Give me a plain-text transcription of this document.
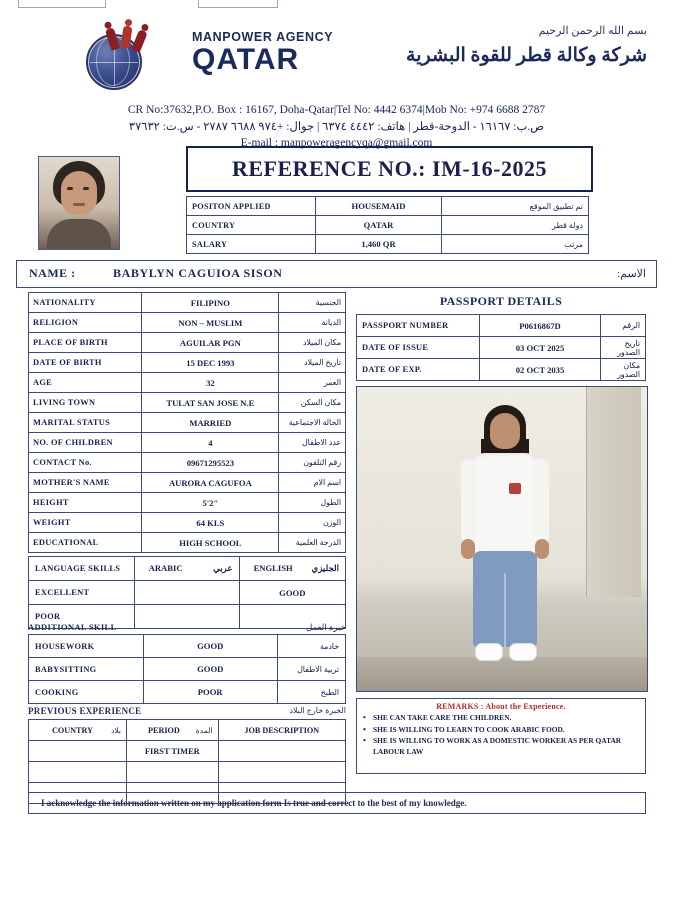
MANPOWER AGENCY
QATAR
بسم الله الرحمن الرحيم
شركة وكالة قطر للقوة البشرية
CR No:37632,P.O. Box : 16167, Doha-Qatar|Tel No: 4442 6374|Mob No: +974 6688 2787
ص.ب: ١٦١٦٧ - الدوحة-قطر | هاتف: ٤٤٤٢ ٦٣٧٤ | جوال: +٩٧٤ ٦٦٨٨ ٢٧٨٧ - س.ت: ٣٧٦٣٢
E-mail : manpoweragencyqa@gmail.com
REFERENCE NO.: IM-16-2025
POSITON APPLIED	HOUSEMAID	تم تطبيق الموقع
COUNTRY	QATAR	دولة قطر
SALARY	1,460 QR	مرتب
NAME :	BABYLYN CAGUIOA SISON	الاسم:
NATIONALITY	FILIPINO	الجنسية
RELIGION	NON – MUSLIM	الديانة
PLACE OF BIRTH	AGUILAR PGN	مكان الميلاد
DATE OF BIRTH	15 DEC 1993	تاريخ الميلاد
AGE	32	العمر
LIVING TOWN	TULAT SAN JOSE N.E	مكان السكن
MARITAL STATUS	MARRIED	الحالة الاجتماعية
NO. OF CHILDREN	4	عدد الاطفال
CONTACT No.	09671295523	رقم التلفون
MOTHER'S NAME	AURORA CAGUFOA	اسم الام
HEIGHT	5'2"	الطول
WEIGHT	64 KLS	الوزن
EDUCATIONAL	HIGH SCHOOL	الدرجة العلمية
PASSPORT DETAILS
PASSPORT NUMBER	P0616867D	الرقم
DATE OF ISSUE	03 OCT 2025	تاريخ الصدور
DATE OF EXP.	02 OCT 2035	مكان الصدور
LANGUAGE SKILLS	ARABIC عربي	ENGLISH الجليزي

EXCELLENT		GOOD
POOR		
ADDITIONAL SKILL	خبرة العمل
HOUSEWORK	GOOD	خادمة
BABYSITTING	GOOD	تربية الاطفال
COOKING	POOR	الطبخ
PREVIOUS EXPERIENCE	الخبرة خارج البلاد
COUNTRY بلاد	PERIOD المدة	JOB DESCRIPTION
	FIRST TIMER	

REMARKS : About the Experience.
• SHE CAN TAKE CARE THE CHILDREN.
• SHE IS WILLING TO LEARN TO COOK ARABIC FOOD.
• SHE IS WILLING TO WORK AS A DOMESTIC WORKER AS PER QATAR LABOUR LAW
I acknowledge the information written on my application form Is true and correct to the best of my knowledge.
